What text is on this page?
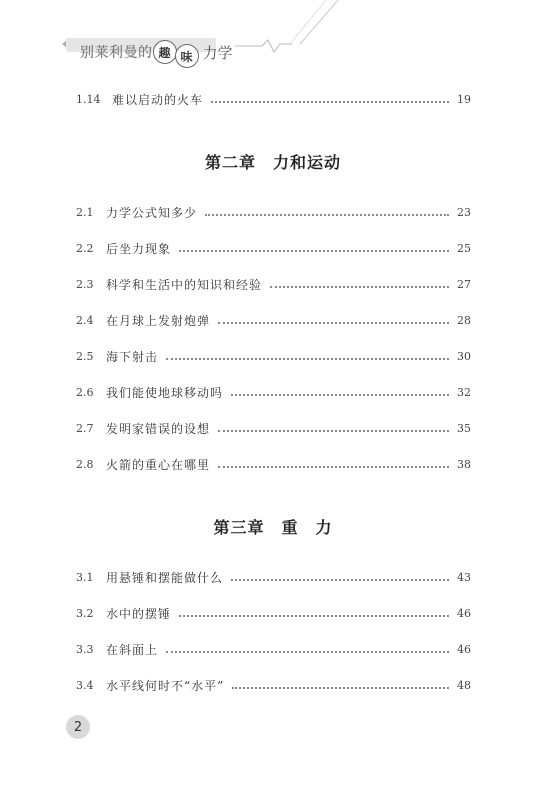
别莱利曼的 趣 味 力学
1.14 难以启动的火车	19
第二章　力和运动
2.1	力学公式知多少	23
2.2	后坐力现象	25
2.3	科学和生活中的知识和经验	27
2.4	在月球上发射炮弹	28
2.5	海下射击	30
2.6	我们能使地球移动吗	32
2.7	发明家错误的设想	35
2.8	火箭的重心在哪里	38
第三章　重　力
3.1	用悬锤和摆能做什么	43
3.2	水中的摆锤	46
3.3	在斜面上	46
3.4	水平线何时不“水平”	48
2
